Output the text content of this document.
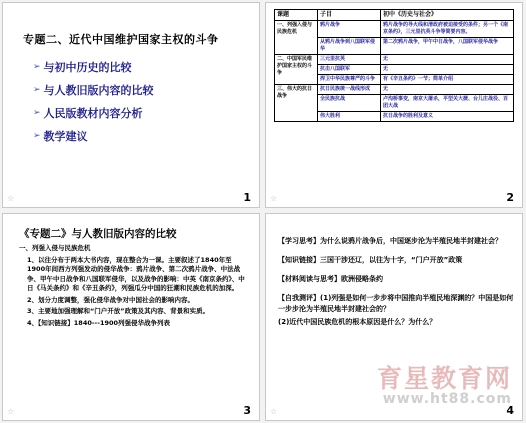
专题二、近代中国维护国家主权的斗争
➢ 与初中历史的比较
➢ 与人教旧版内容的比较
➢ 人民版教材内容分析
➢ 教学建议
☆	1
课题	子目	初中《历史与社会》
一、列强入侵与民族危机	鸦片战争	鸦片战争的导火线和清政府被迫接受的条件；另一个《南京条约》，三元里抗英斗争等简要内容。
	从鸦片战争到八国联军侵华	第二次鸦片战争，甲午中日战争，八国联军侵华战争
二、中国军民维护国家主权的斗争	三元里抗英	无
	抗击八国联军	无
	捍卫中华民族尊严的斗争	有《辛丑条约》一节；简单介绍
三、伟大的抗日战争	抗日民族统一战线形成	无
	全民族抗战	卢沟桥事变，南京大屠杀，平型关大捷、台儿庄战役、百团大战
	伟大胜利	抗日战争的胜利及意义
☆	2
《专题二》与人教旧版内容的比较

一、列强入侵与民族危机

1、以往分布于两本大书内容，现在整合为一课。主要叙述了1840年至1900年间西方列强发动的侵华战争：鸦片战争、第二次鸦片战争、中法战争、甲午中日战争和八国联军侵华，以及战争的影响：中英《南京条约》、中日《马关条约》和《辛丑条约》，列强瓜分中国的狂潮和民族危机的加深。

2、划分力度调整，强化侵华战争对中国社会的影响内容。

3、主要地加强理解和“门户开放”政策及其内容、背景和实质。

4、【知识链接】1840---1900列强侵华战争列表

☆	3

【学习思考】为什么说鸦片战争后，中国逐步沦为半殖民地半封建社会？

【知识链接】三国干涉还辽，以往为十字，“门户开放”政策

【材料阅读与思考】欧洲侵略条约

【自我测评】(1)列强是如何一步步将中国推向半殖民地深渊的？中国是如何一步步沦为半殖民地半封建社会的？

(2)近代中国民族危机的根本原因是什么？为什么？

育星教育网
www.ht88.com
☆	4
